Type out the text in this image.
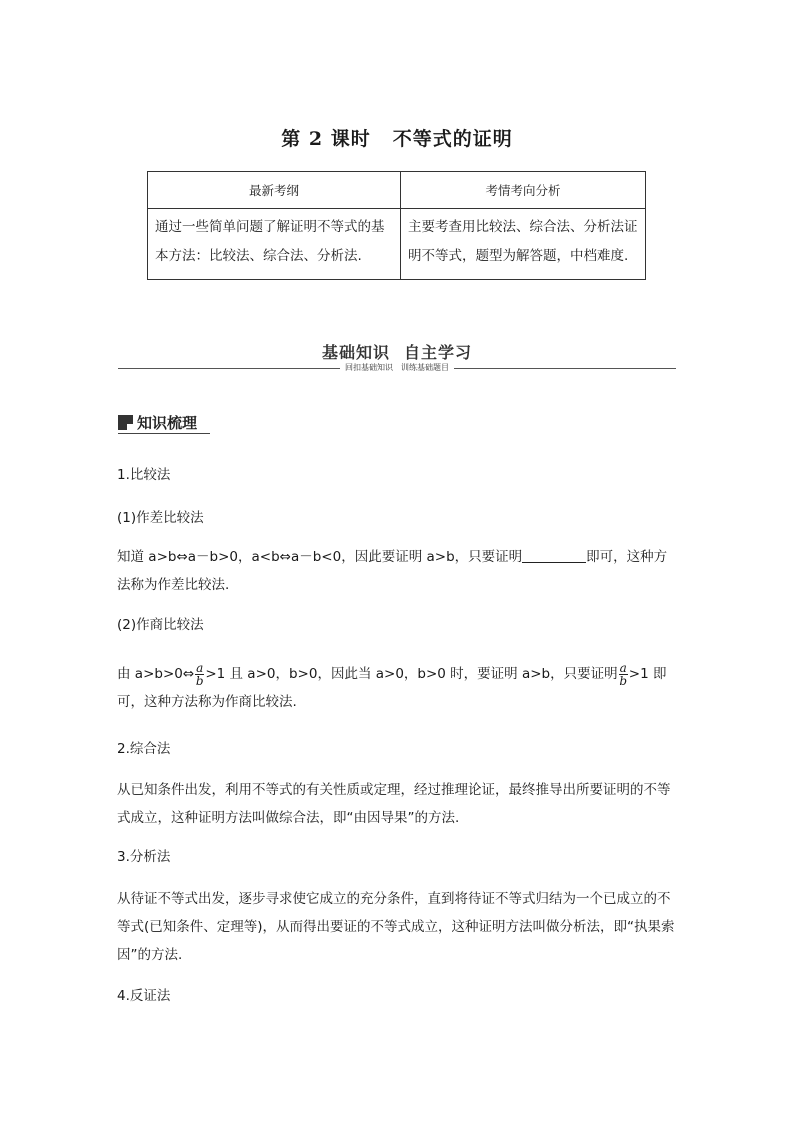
第 2 课时 不等式的证明
最新考纲	考情考向分析
通过一些简单问题了解证明不等式的基本方法：比较法、综合法、分析法.	主要考查用比较法、综合法、分析法证明不等式，题型为解答题，中档难度.
基础知识 自主学习
回扣基础知识　训练基础题目
知识梳理
1.比较法
(1)作差比较法
知道 a>b⇔a－b>0，a<b⇔a－b<0，因此要证明 a>b，只要证明	即可，这种方法称为作差比较法.
(2)作商比较法
由 a>b>0⇔ $\frac{a}{b} >1$ 且 a>0，b>0，因此当 a>0，b>0 时，要证明 a>b，只要证明 $\frac{a}{b} >1$ 即可，这种方法称为作商比较法.
2.综合法
从已知条件出发，利用不等式的有关性质或定理，经过推理论证，最终推导出所要证明的不等式成立，这种证明方法叫做综合法，即“由因导果”的方法.
3.分析法
从待证不等式出发，逐步寻求使它成立的充分条件，直到将待证不等式归结为一个已成立的不等式(已知条件、定理等)，从而得出要证的不等式成立，这种证明方法叫做分析法，即“执果索因”的方法.
4.反证法
